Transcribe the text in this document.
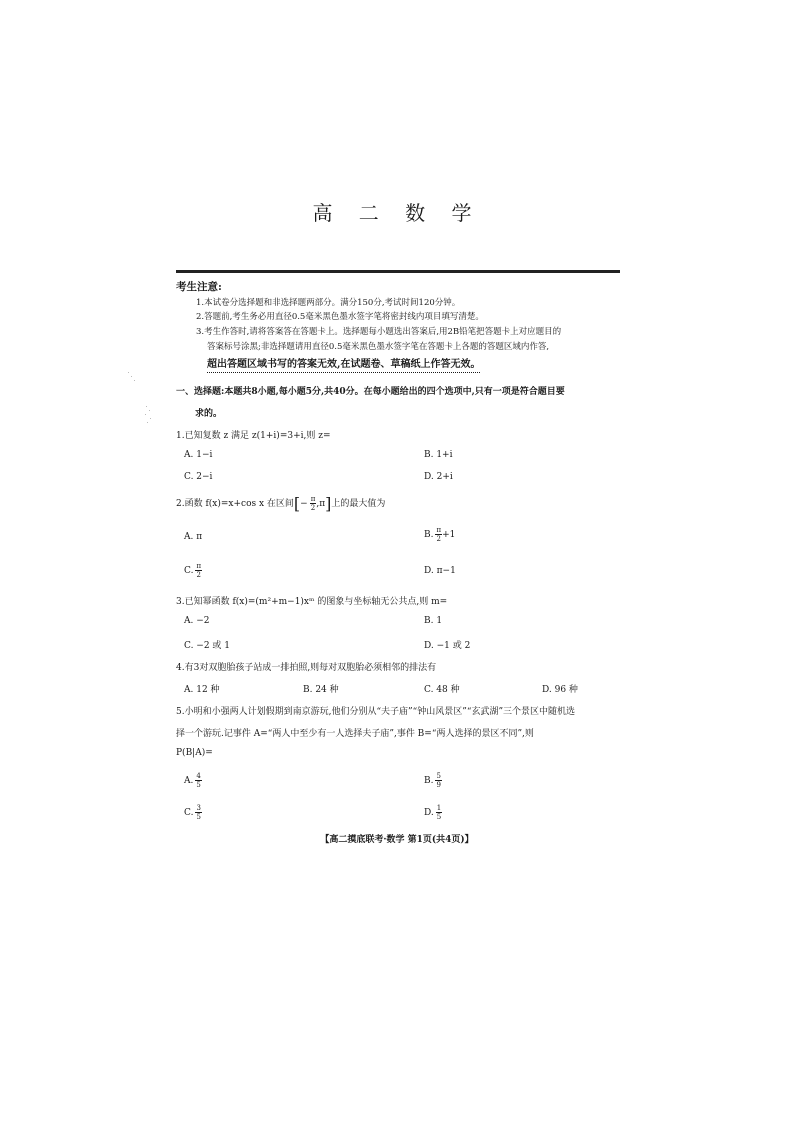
高 二 数 学
考生注意:
1.本试卷分选择题和非选择题两部分。满分150分,考试时间120分钟。
2.答题前,考生务必用直径0.5毫米黑色墨水签字笔将密封线内项目填写清楚。
3.考生作答时,请将答案答在答题卡上。选择题每小题选出答案后,用2B铅笔把答题卡上对应题目的
答案标号涂黑;非选择题请用直径0.5毫米黑色墨水签字笔在答题卡上各题的答题区域内作答,
超出答题区域书写的答案无效,在试题卷、草稿纸上作答无效。
一、选择题:本题共8小题,每小题5分,共40分。在每小题给出的四个选项中,只有一项是符合题目要
求的。
1.已知复数 z 满足 z(1+i)=3+i,则 z=
A. 1−i	B. 1+i
C. 2−i	D. 2+i
2.函数 f(x)=x+cos x 在区间[− $\frac{\pi}{2} ,\pi$]上的最大值为
A. π	B. $\frac{\pi}{2} +1$
C. $\frac{\pi}{2}$	D. π−1
3.已知幂函数 f(x)=(m²+m−1)xᵐ 的图象与坐标轴无公共点,则 m=
A. −2	B. 1
C. −2 或 1	D. −1 或 2
4.有3对双胞胎孩子站成一排拍照,则每对双胞胎必须相邻的排法有
A. 12 种	B. 24 种	C. 48 种	D. 96 种
5.小明和小强两人计划假期到南京游玩,他们分别从“夫子庙”“钟山风景区”“玄武湖”三个景区中随机选
择一个游玩.记事件 A=“两人中至少有一人选择夫子庙”,事件 B=“两人选择的景区不同”,则
P(B|A)=
A. $\frac{4}{5}$	B. $\frac{5}{9}$
C. $\frac{3}{5}$	D. $\frac{1}{5}$
【高二摸底联考·数学 第1页(共4页)】
